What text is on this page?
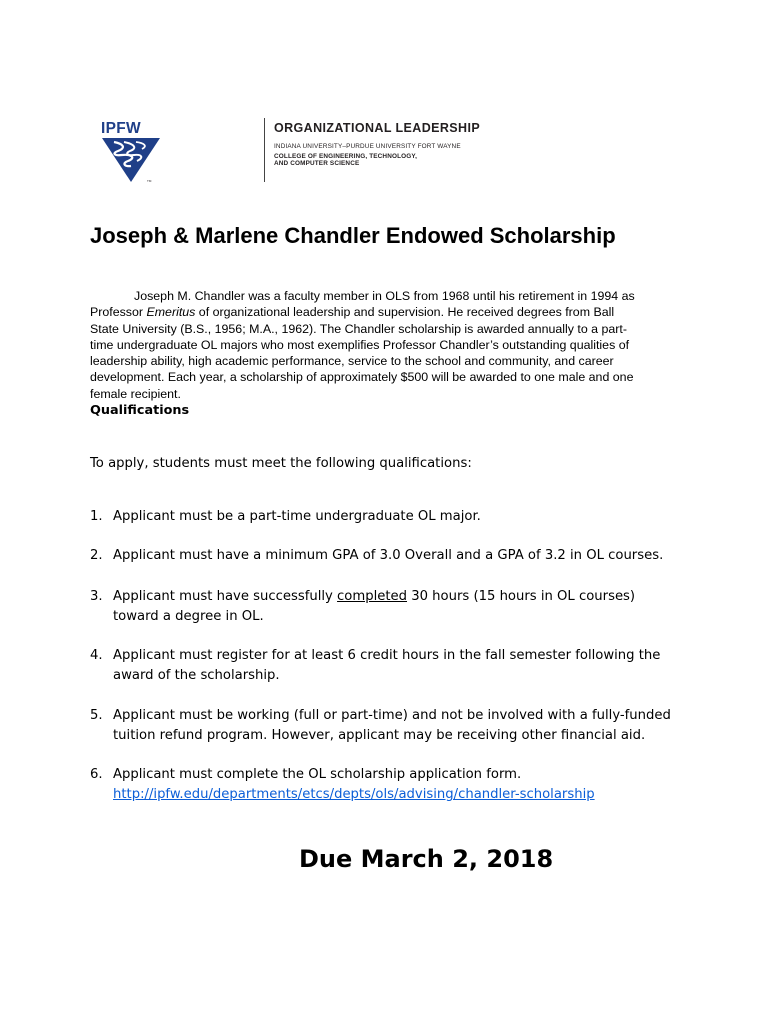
TM
IPFW	ORGANIZATIONAL LEADERSHIP
INDIANA UNIVERSITY–PURDUE UNIVERSITY FORT WAYNE
COLLEGE OF ENGINEERING, TECHNOLOGY,
AND COMPUTER SCIENCE
Joseph & Marlene Chandler Endowed Scholarship
Joseph M. Chandler was a faculty member in OLS from 1968 until his retirement in 1994 as
Professor Emeritus of organizational leadership and supervision. He received degrees from Ball
State University (B.S., 1956; M.A., 1962). The Chandler scholarship is awarded annually to a part-
time undergraduate OL majors who most exemplifies Professor Chandler’s outstanding qualities of
leadership ability, high academic performance, service to the school and community, and career
development. Each year, a scholarship of approximately $500 will be awarded to one male and one
female recipient.
Qualifications
To apply, students must meet the following qualifications:
1. Applicant must be a part-time undergraduate OL major.
2. Applicant must have a minimum GPA of 3.0 Overall and a GPA of 3.2 in OL courses.
3. Applicant must have successfully completed 30 hours (15 hours in OL courses)
toward a degree in OL.
4. Applicant must register for at least 6 credit hours in the fall semester following the
award of the scholarship.
5. Applicant must be working (full or part-time) and not be involved with a fully-funded
tuition refund program. However, applicant may be receiving other financial aid.
6. Applicant must complete the OL scholarship application form.
http://ipfw.edu/departments/etcs/depts/ols/advising/chandler-scholarship
Due March 2, 2018
